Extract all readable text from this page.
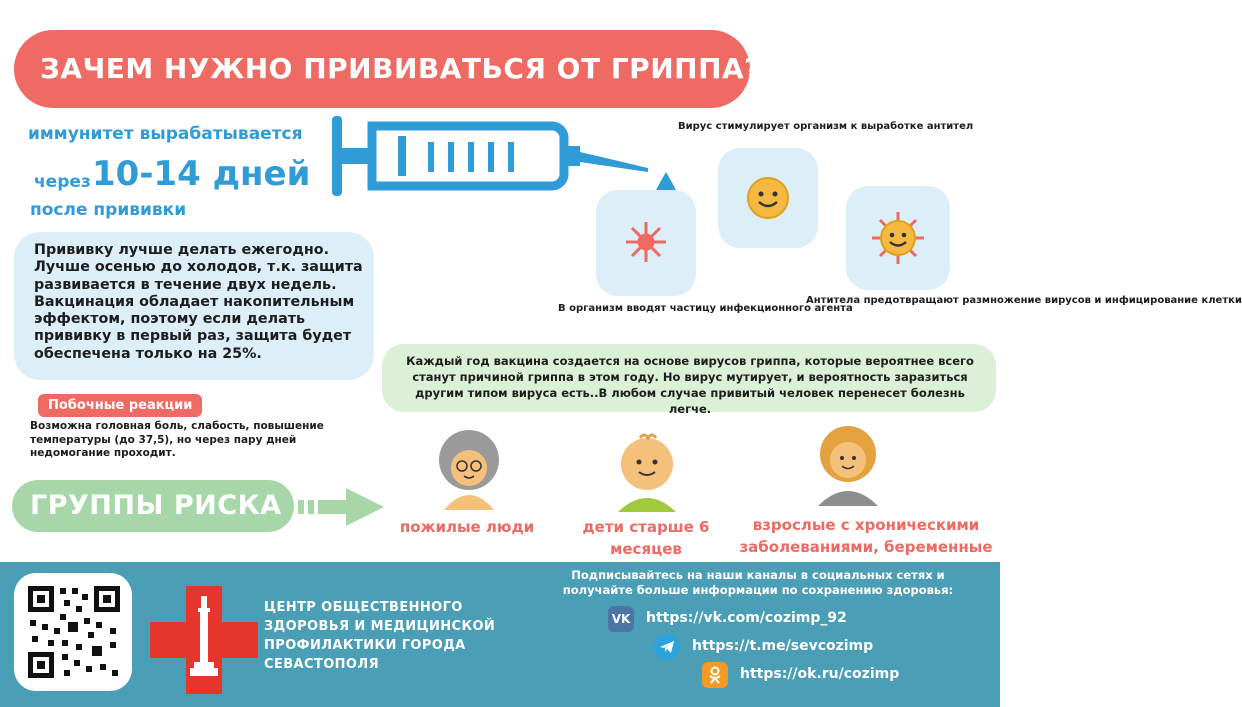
ЗАЧЕМ НУЖНО ПРИВИВАТЬСЯ ОТ ГРИППА?
иммунитет вырабатывается
через 10-14 дней
после прививки
Прививку лучше делать ежегодно. Лучше осенью до холодов, т.к. защита развивается в течение двух недель. Вакцинация обладает накопительным эффектом, поэтому если делать прививку в первый раз, защита будет обеспечена только на 25%.
Побочные реакции
Возможна головная боль, слабость, повышение температуры (до 37,5), но через пару дней недомогание проходит.
В организм вводят частицу инфекционного агента
Вирус стимулирует организм к выработке антител
Антитела предотвращают размножение вирусов и инфицирование клетки
Каждый год вакцина создается на основе вирусов гриппа, которые вероятнее всего станут причиной гриппа в этом году. Но вирус мутирует, и вероятность заразиться другим типом вируса есть..В любом случае привитый человек перенесет болезнь легче.
ГРУППЫ РИСКА
пожилые люди	дети старше 6 месяцев
взрослые с хроническими заболеваниями, беременные
ЦЕНТР ОБЩЕСТВЕННОГО ЗДОРОВЬЯ И МЕДИЦИНСКОЙ ПРОФИЛАКТИКИ ГОРОДА СЕВАСТОПОЛЯ
Подписывайтесь на наши каналы в социальных сетях и получайте больше информации по сохранению здоровья:
VK https://vk.com/cozimp_92
https://t.me/sevcozimp
https://ok.ru/cozimp
